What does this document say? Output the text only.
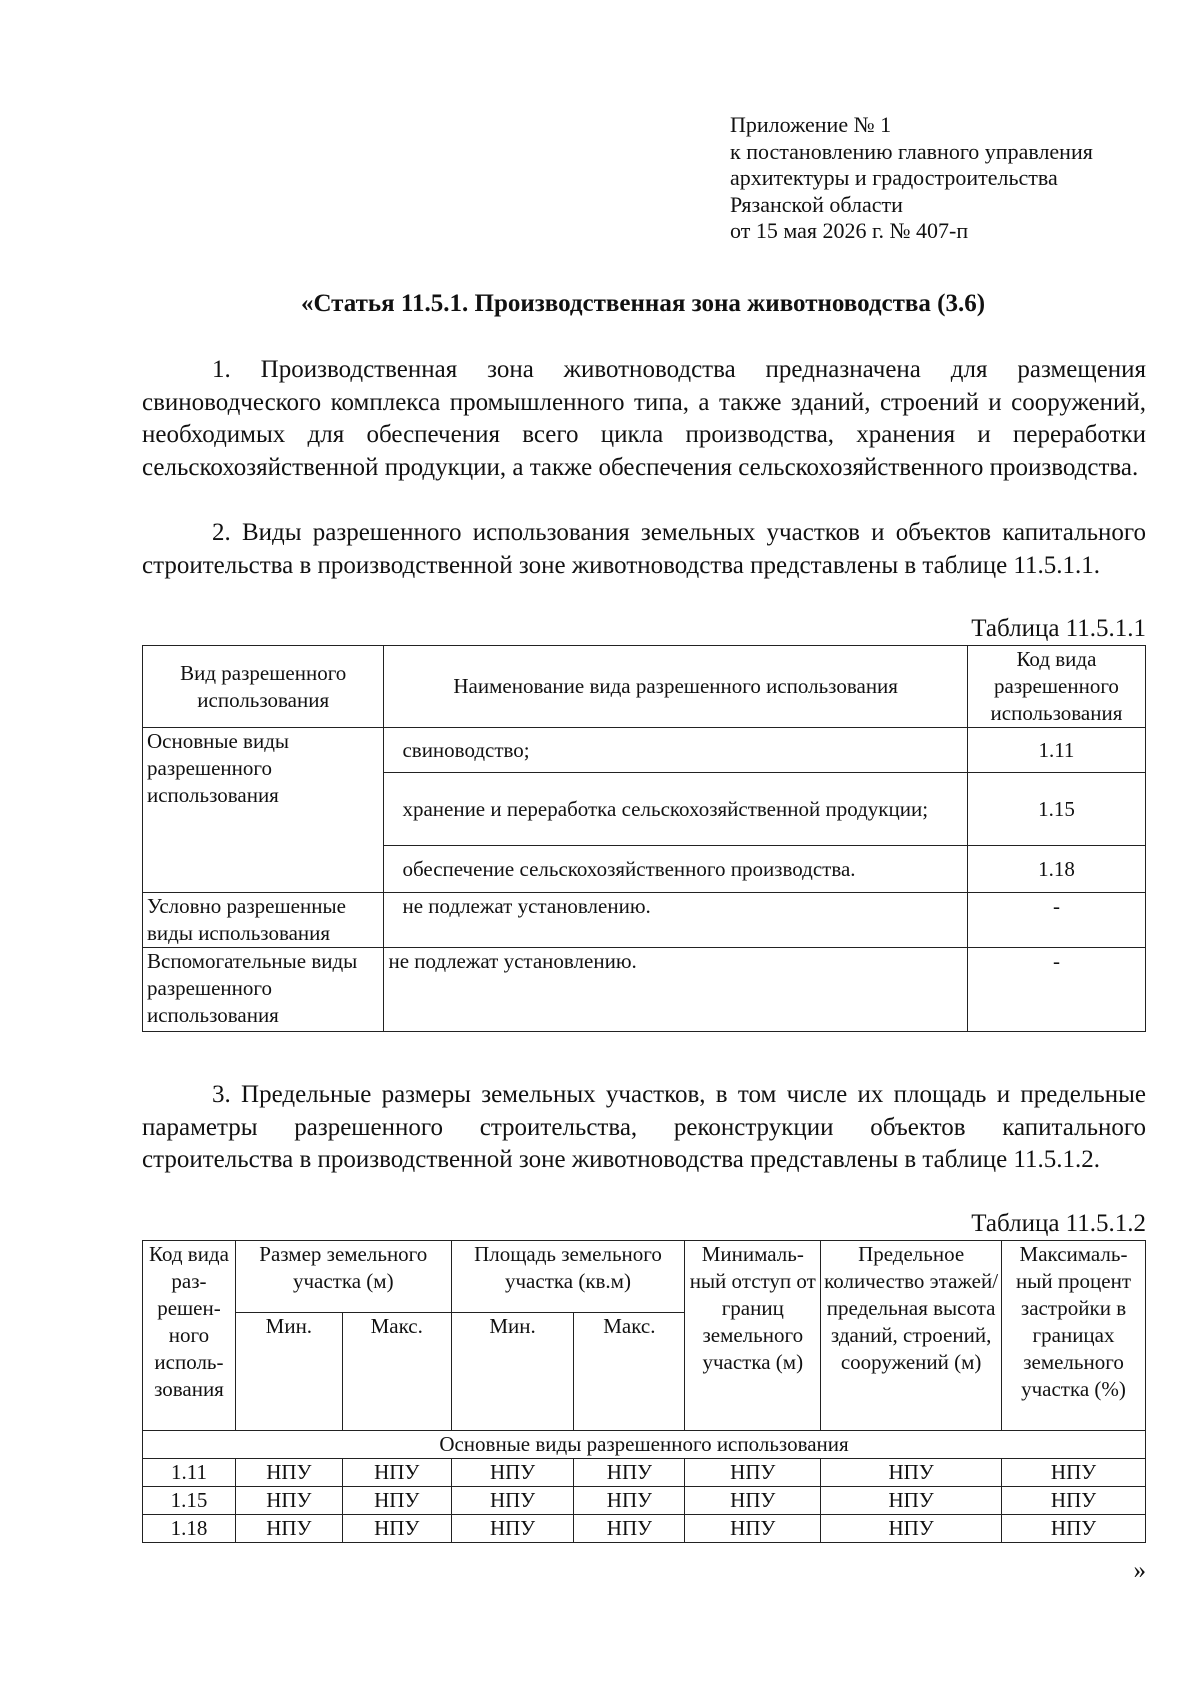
Приложение № 1
к постановлению главного управления
архитектуры и градостроительства
Рязанской области
от 15 мая 2026 г. № 407-п
«Статья 11.5.1. Производственная зона животноводства (3.6)
1. Производственная зона животноводства предназначена для размещения свиноводческого комплекса промышленного типа, а также зданий, строений и сооружений, необходимых для обеспечения всего цикла производства, хранения и переработки сельскохозяйственной продукции, а также обеспечения сельскохозяйственного производства.
2. Виды разрешенного использования земельных участков и объектов капитального строительства в производственной зоне животноводства представлены в таблице 11.5.1.1.
Таблица 11.5.1.1
Вид разрешенного использования	Наименование вида разрешенного использования	Код вида разрешенного использования
Основные виды разрешенного использования	свиноводство;	1.11
	хранение и переработка сельскохозяйственной продукции;	1.15
	обеспечение сельскохозяйственного производства.	1.18
Условно разрешенные виды использования	не подлежат установлению.	-
Вспомогательные виды разрешенного использования	не подлежат установлению.	-
3. Предельные размеры земельных участков, в том числе их площадь и предельные параметры разрешенного строительства, реконструкции объектов капитального строительства в производственной зоне животноводства представлены в таблице 11.5.1.2.
Таблица 11.5.1.2
Код вида раз-решен-ного исполь-зования	Размер земельного участка (м)		Площадь земельного участка (кв.м)		Минималь-ный отступ от границ земельного участка (м)	Предельное количество этажей/ предельная высота зданий, строений, сооружений (м)	Максималь-ный процент застройки в границах земельного участка (%)
	Мин.	Макс.	Мин.	Макс.			
Основные виды разрешенного использования							
1.11	НПУ	НПУ	НПУ	НПУ	НПУ	НПУ	НПУ
1.15	НПУ	НПУ	НПУ	НПУ	НПУ	НПУ	НПУ
1.18	НПУ	НПУ	НПУ	НПУ	НПУ	НПУ	НПУ
»
